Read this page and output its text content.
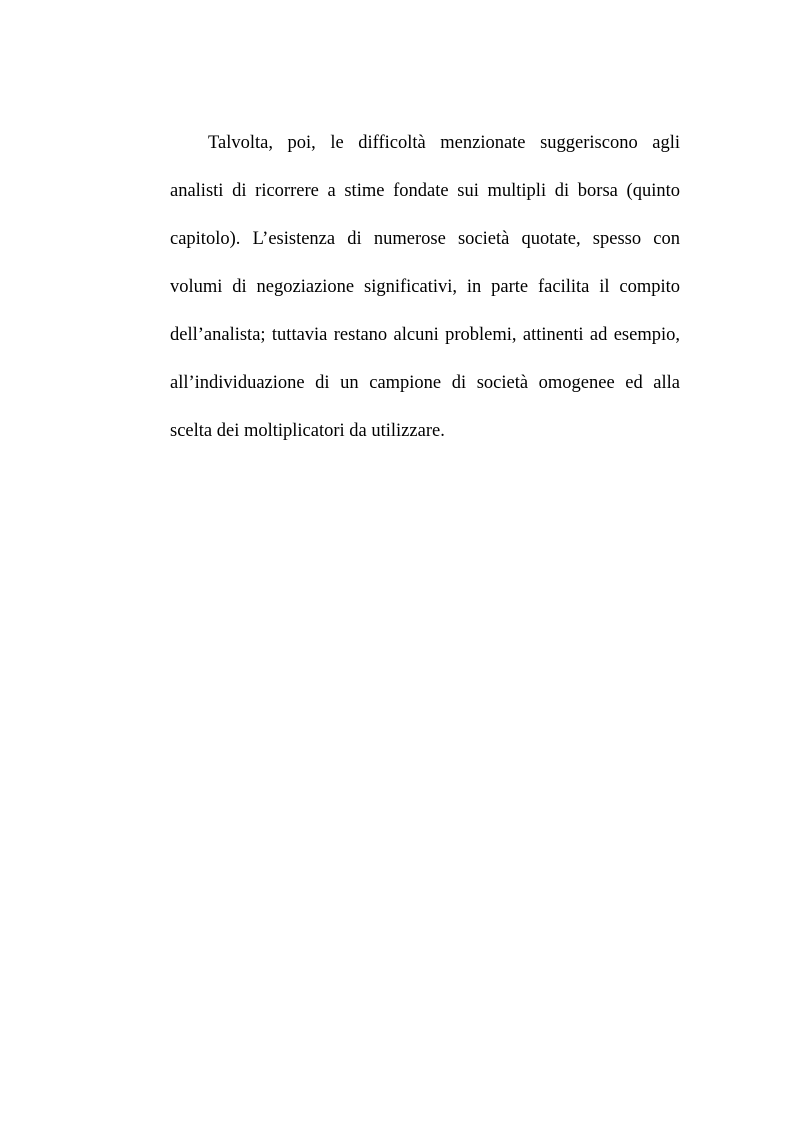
Talvolta, poi, le difficoltà menzionate suggeriscono agli
analisti di ricorrere a stime fondate sui multipli di borsa (quinto
capitolo). L’esistenza di numerose società quotate, spesso con
volumi di negoziazione significativi, in parte facilita il compito
dell’analista; tuttavia restano alcuni problemi, attinenti ad esempio,
all’individuazione di un campione di società omogenee ed alla
scelta dei moltiplicatori da utilizzare.
